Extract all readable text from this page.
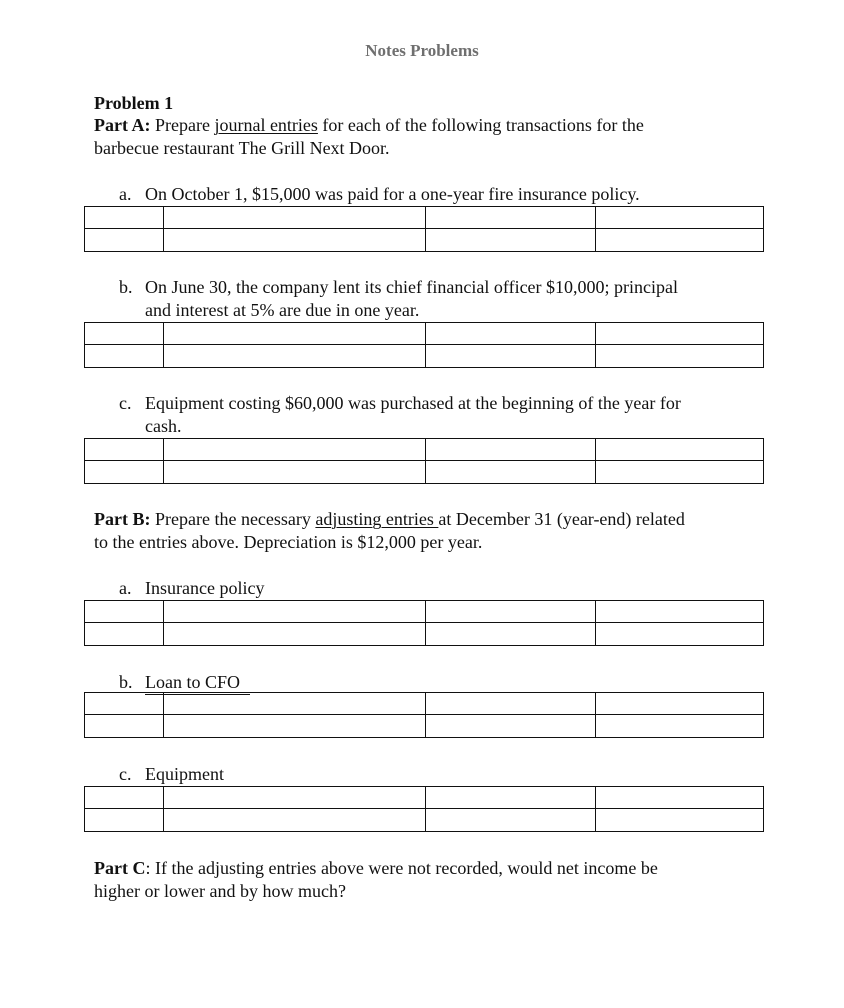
Notes Problems
Problem 1
Part A: Prepare journal entries for each of the following transactions for the
barbecue restaurant The Grill Next Door.
a. On October 1, $15,000 was paid for a one-year fire insurance policy.
b. On June 30, the company lent its chief financial officer $10,000; principal
and interest at 5% are due in one year.
c. Equipment costing $60,000 was purchased at the beginning of the year for
cash.
Part B: Prepare the necessary adjusting entries at December 31 (year-end) related
to the entries above. Depreciation is $12,000 per year.
a. Insurance policy
b. Loan to CFO
c. Equipment
Part C: If the adjusting entries above were not recorded, would net income be
higher or lower and by how much?
